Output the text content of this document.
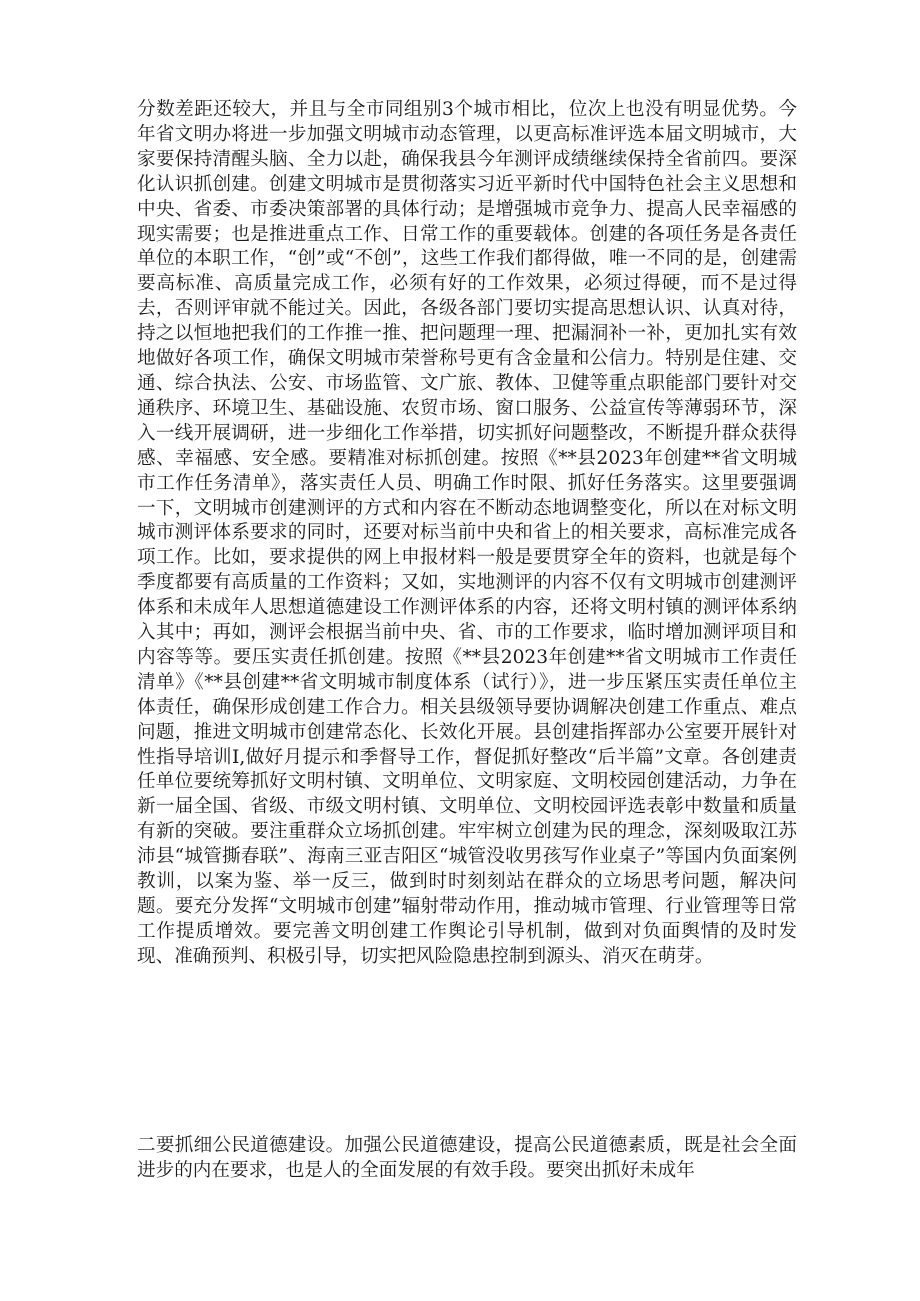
分数差距还较大，并且与全市同组别3个城市相比，位次上也没有明显优势。今年省文明办将进一步加强文明城市动态管理，以更高标准评选本届文明城市，大家要保持清醒头脑、全力以赴，确保我县今年测评成绩继续保持全省前四。要深化认识抓创建。创建文明城市是贯彻落实习近平新时代中国特色社会主义思想和中央、省委、市委决策部署的具体行动；是增强城市竞争力、提高人民幸福感的现实需要；也是推进重点工作、日常工作的重要载体。创建的各项任务是各责任单位的本职工作，“创”或“不创”，这些工作我们都得做，唯一不同的是，创建需要高标准、高质量完成工作，必须有好的工作效果，必须过得硬，而不是过得去，否则评审就不能过关。因此，各级各部门要切实提高思想认识、认真对待，持之以恒地把我们的工作推一推、把问题理一理、把漏洞补一补，更加扎实有效地做好各项工作，确保文明城市荣誉称号更有含金量和公信力。特别是住建、交通、综合执法、公安、市场监管、文广旅、教体、卫健等重点职能部门要针对交通秩序、环境卫生、基础设施、农贸市场、窗口服务、公益宣传等薄弱环节，深入一线开展调研，进一步细化工作举措，切实抓好问题整改，不断提升群众获得感、幸福感、安全感。要精准对标抓创建。按照《**县2023年创建**省文明城市工作任务清单》，落实责任人员、明确工作时限、抓好任务落实。这里要强调一下，文明城市创建测评的方式和内容在不断动态地调整变化，所以在对标文明城市测评体系要求的同时，还要对标当前中央和省上的相关要求，高标准完成各项工作。比如，要求提供的网上申报材料一般是要贯穿全年的资料，也就是每个季度都要有高质量的工作资料；又如，实地测评的内容不仅有文明城市创建测评体系和未成年人思想道德建设工作测评体系的内容，还将文明村镇的测评体系纳入其中；再如，测评会根据当前中央、省、市的工作要求，临时增加测评项目和内容等等。要压实责任抓创建。按照《**县2023年创建**省文明城市工作责任清单》《**县创建**省文明城市制度体系（试行）》，进一步压紧压实责任单位主体责任，确保形成创建工作合力。相关县级领导要协调解决创建工作重点、难点问题，推进文明城市创建常态化、长效化开展。县创建指挥部办公室要开展针对性指导培训I,做好月提示和季督导工作，督促抓好整改“后半篇”文章。各创建责任单位要统筹抓好文明村镇、文明单位、文明家庭、文明校园创建活动，力争在新一届全国、省级、市级文明村镇、文明单位、文明校园评选表彰中数量和质量有新的突破。要注重群众立场抓创建。牢牢树立创建为民的理念，深刻吸取江苏沛县“城管撕春联”、海南三亚吉阳区“城管没收男孩写作业桌子”等国内负面案例教训，以案为鉴、举一反三，做到时时刻刻站在群众的立场思考问题，解决问题。要充分发挥“文明城市创建”辐射带动作用，推动城市管理、行业管理等日常工作提质增效。要完善文明创建工作舆论引导机制，做到对负面舆情的及时发现、准确预判、积极引导，切实把风险隐患控制到源头、消灭在萌芽。

二要抓细公民道德建设。加强公民道德建设，提高公民道德素质，既是社会全面进步的内在要求，也是人的全面发展的有效手段。要突出抓好未成年
